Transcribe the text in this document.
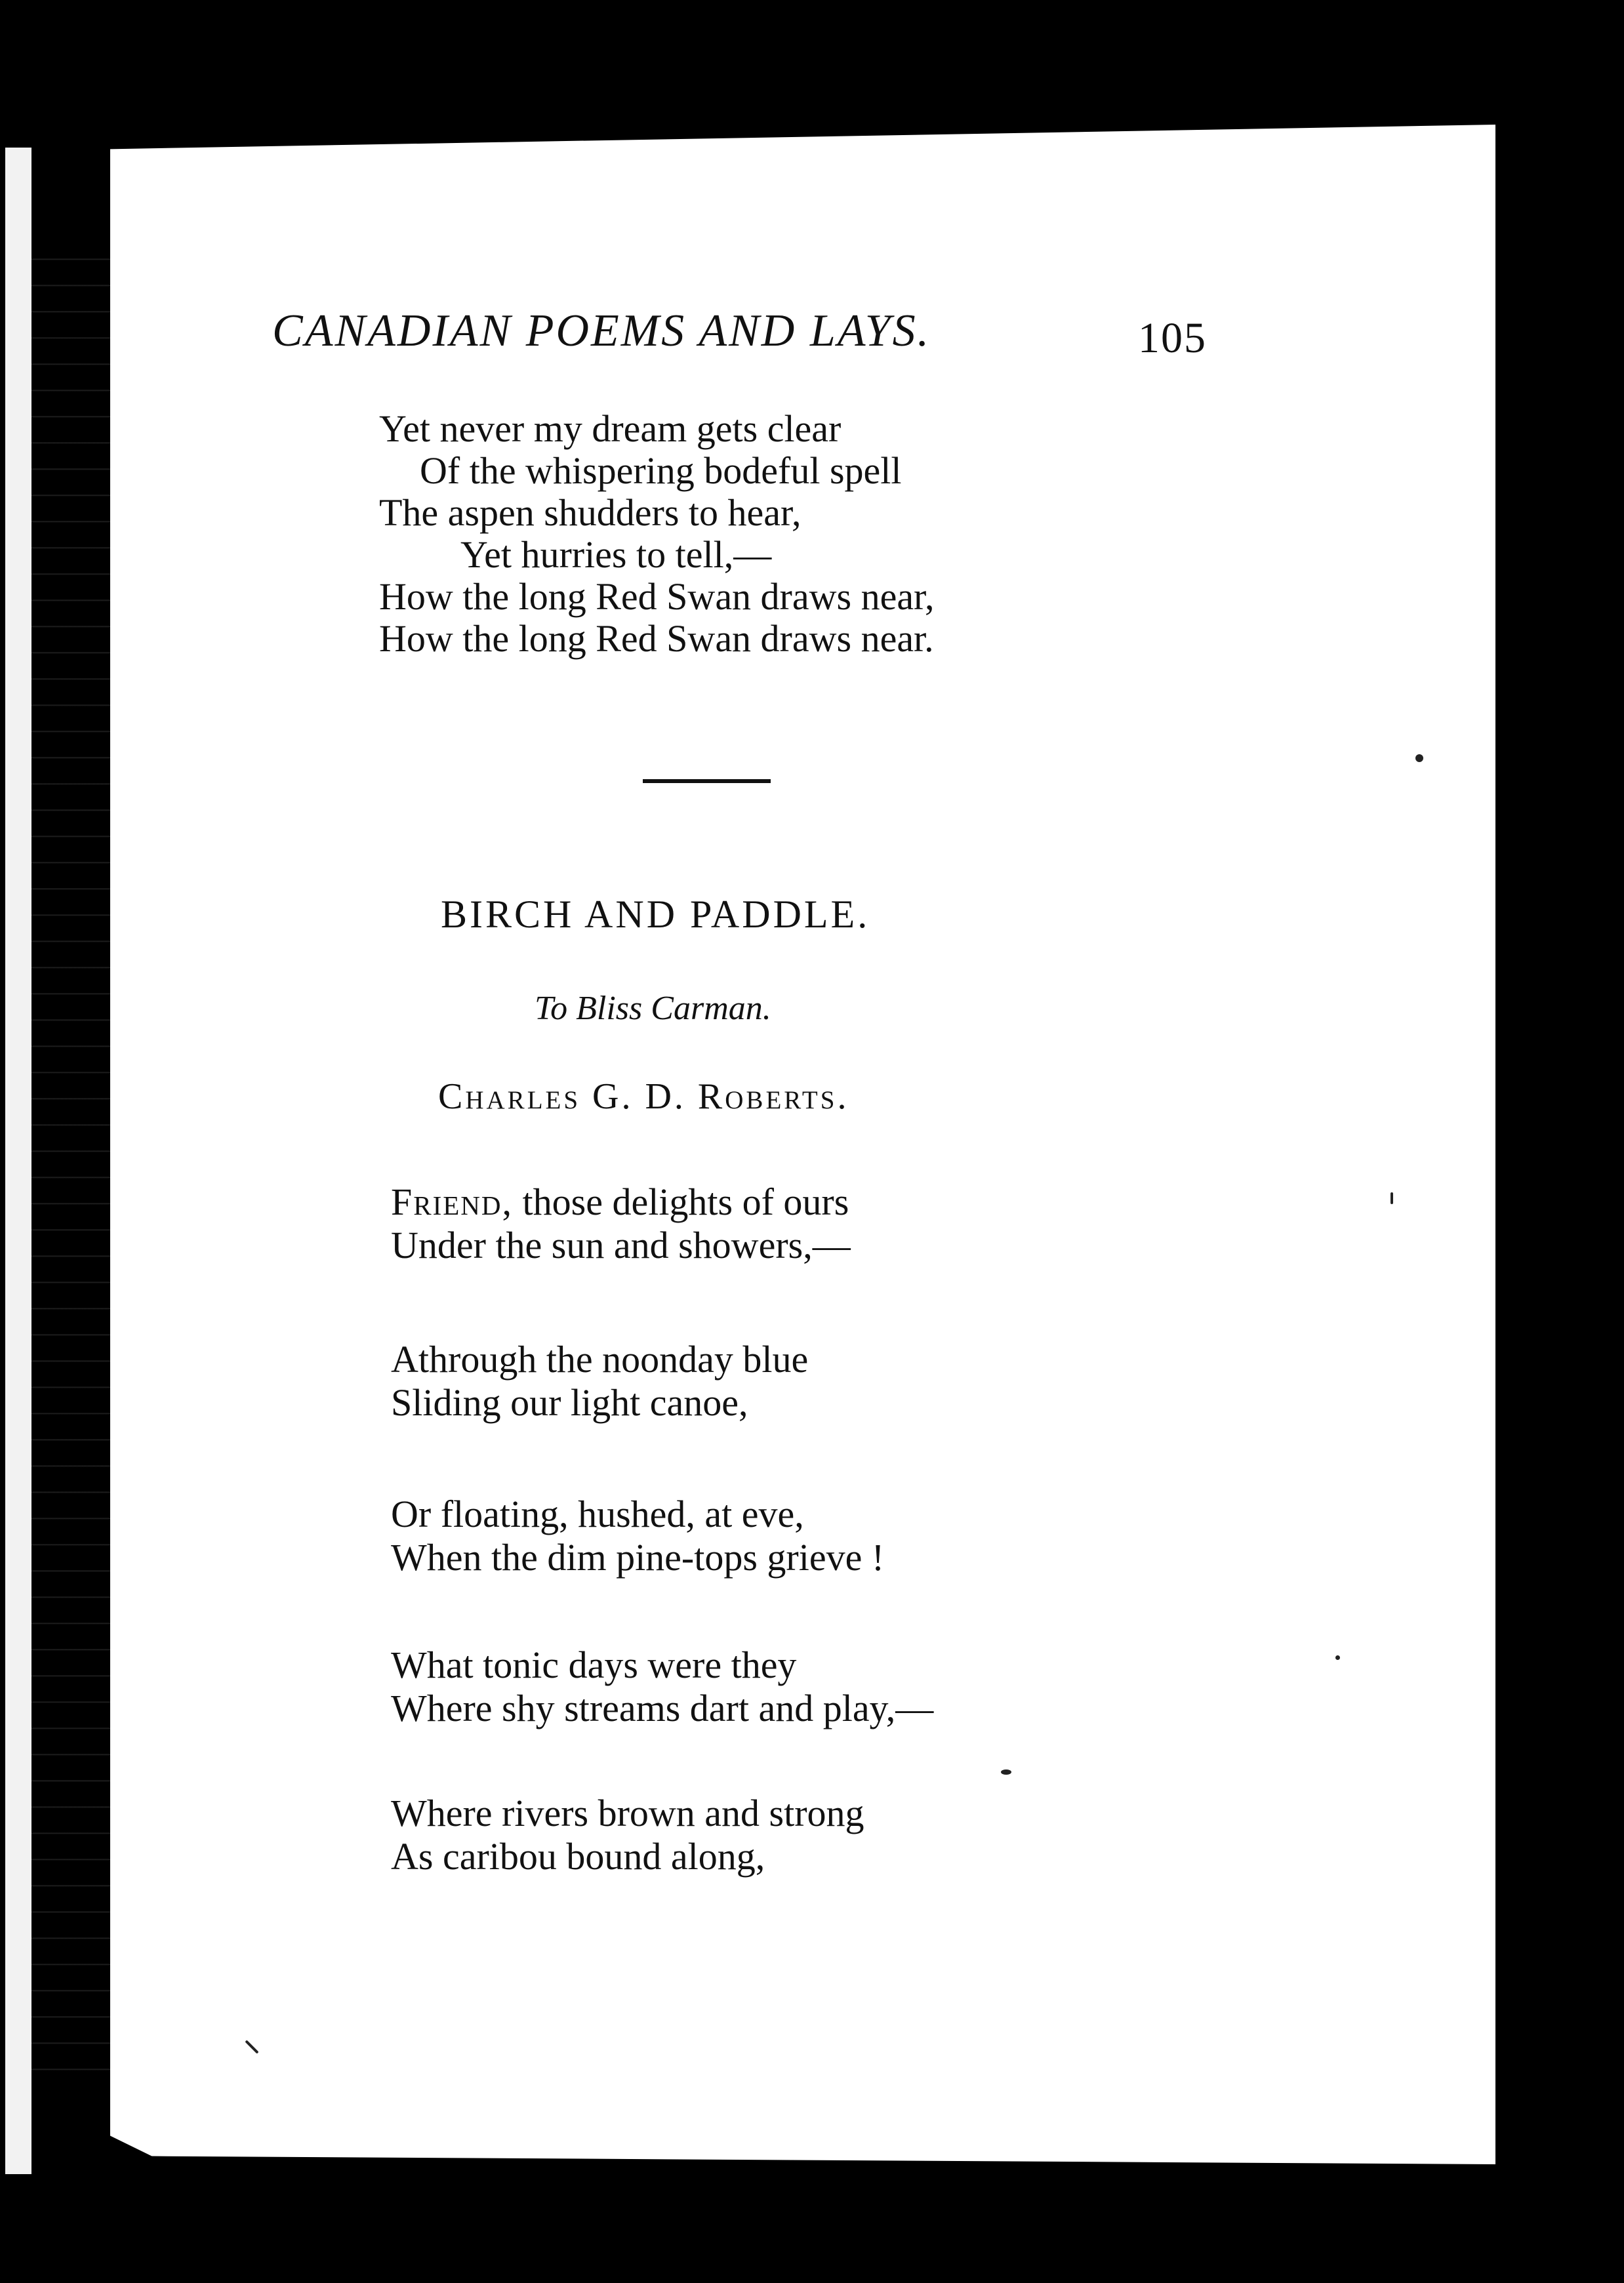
CANADIAN POEMS AND LAYS.	105
Yet never my dream gets clear
Of the whispering bodeful spell
The aspen shudders to hear,
Yet hurries to tell,—
How the long Red Swan draws near,
How the long Red Swan draws near.
BIRCH AND PADDLE.
To Bliss Carman.
Charles G. D. Roberts.
Friend, those delights of ours
Under the sun and showers,—
Athrough the noonday blue
Sliding our light canoe,
Or floating, hushed, at eve,
When the dim pine-tops grieve !
What tonic days were they
Where shy streams dart and play,—
Where rivers brown and strong
As caribou bound along,
